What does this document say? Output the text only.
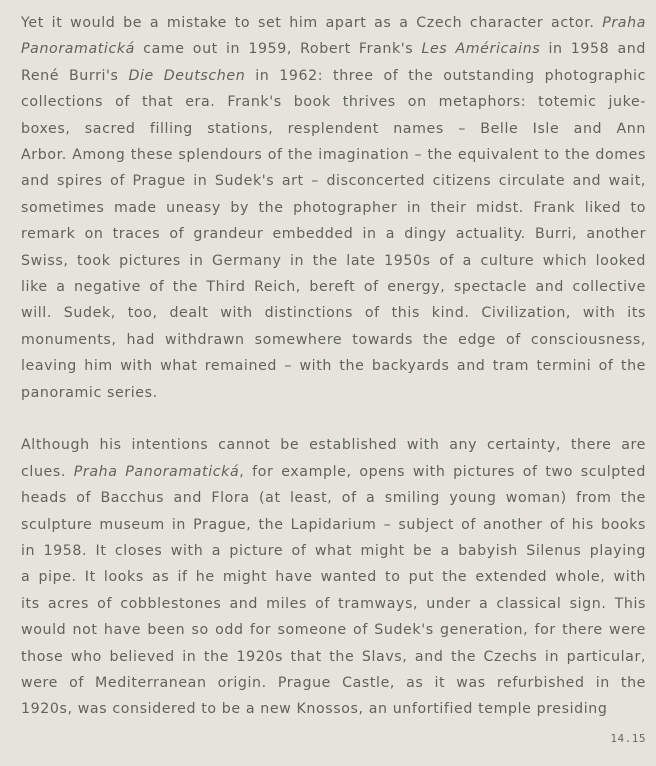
Yet it would be a mistake to set him apart as a Czech character actor. Praha
Panoramatická came out in 1959, Robert Frank's Les Américains in 1958 and
René Burri's Die Deutschen in 1962: three of the outstanding photographic
collections of that era. Frank's book thrives on metaphors: totemic juke-
boxes, sacred filling stations, resplendent names – Belle Isle and Ann
Arbor. Among these splendours of the imagination – the equivalent to the domes
and spires of Prague in Sudek's art – disconcerted citizens circulate and wait,
sometimes made uneasy by the photographer in their midst. Frank liked to
remark on traces of grandeur embedded in a dingy actuality. Burri, another
Swiss, took pictures in Germany in the late 1950s of a culture which looked
like a negative of the Third Reich, bereft of energy, spectacle and collective
will. Sudek, too, dealt with distinctions of this kind. Civilization, with its
monuments, had withdrawn somewhere towards the edge of consciousness,
leaving him with what remained – with the backyards and tram termini of the
panoramic series.
Although his intentions cannot be established with any certainty, there are
clues. Praha Panoramatická, for example, opens with pictures of two sculpted
heads of Bacchus and Flora (at least, of a smiling young woman) from the
sculpture museum in Prague, the Lapidarium – subject of another of his books
in 1958. It closes with a picture of what might be a babyish Silenus playing
a pipe. It looks as if he might have wanted to put the extended whole, with
its acres of cobblestones and miles of tramways, under a classical sign. This
would not have been so odd for someone of Sudek's generation, for there were
those who believed in the 1920s that the Slavs, and the Czechs in particular,
were of Mediterranean origin. Prague Castle, as it was refurbished in the
1920s, was considered to be a new Knossos, an unfortified temple presiding
14.15
